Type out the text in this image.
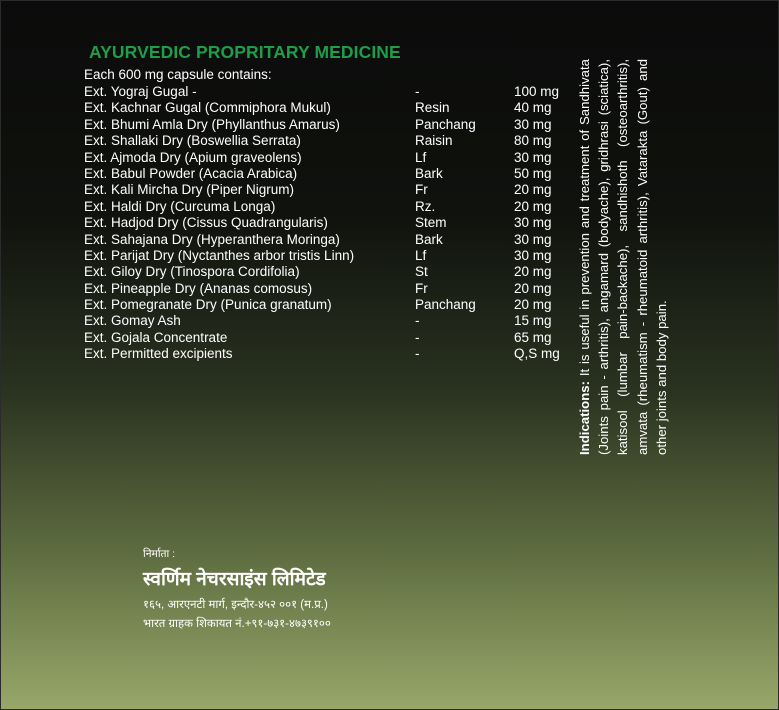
AYURVEDIC PROPRITARY MEDICINE
Each 600 mg capsule contains:
Ext. Yograj Gugal -	-	100 mg
Ext. Kachnar Gugal (Commiphora Mukul)	Resin	40 mg
Ext. Bhumi Amla Dry (Phyllanthus Amarus)	Panchang	30 mg
Ext. Shallaki Dry (Boswellia Serrata)	Raisin	80 mg
Ext. Ajmoda Dry (Apium graveolens)	Lf	30 mg
Ext. Babul Powder (Acacia Arabica)	Bark	50 mg
Ext. Kali Mircha Dry (Piper Nigrum)	Fr	20 mg
Ext. Haldi Dry (Curcuma Longa)	Rz.	20 mg
Ext. Hadjod Dry (Cissus Quadrangularis)	Stem	30 mg
Ext. Sahajana Dry (Hyperanthera Moringa)	Bark	30 mg
Ext. Parijat Dry (Nyctanthes arbor tristis Linn)	Lf	30 mg
Ext. Giloy Dry (Tinospora Cordifolia)	St	20 mg
Ext. Pineapple Dry (Ananas comosus)	Fr	20 mg
Ext. Pomegranate Dry (Punica granatum)	Panchang	20 mg
Ext. Gomay Ash	-	15 mg
Ext. Gojala Concentrate	-	65 mg
Ext. Permitted excipients	-	Q,S mg
Indications: It is useful in prevention and treatment of Sandhivata (Joints pain - arthritis), angamard (bodyache), gridhrasi (sciatica), katisool (lumbar pain-backache), sandhishoth (osteoarthritis), amvata (rheumatism - rheumatoid arthritis), Vatarakta (Gout) and other joints and body pain.
निर्माता :
स्वर्णिम नेचरसाइंस लिमिटेड
१६५, आरएनटी मार्ग, इन्दौर-४५२ ००१ (म.प्र.)
भारत ग्राहक शिकायत नं.+९१-७३१-४७३९१००
